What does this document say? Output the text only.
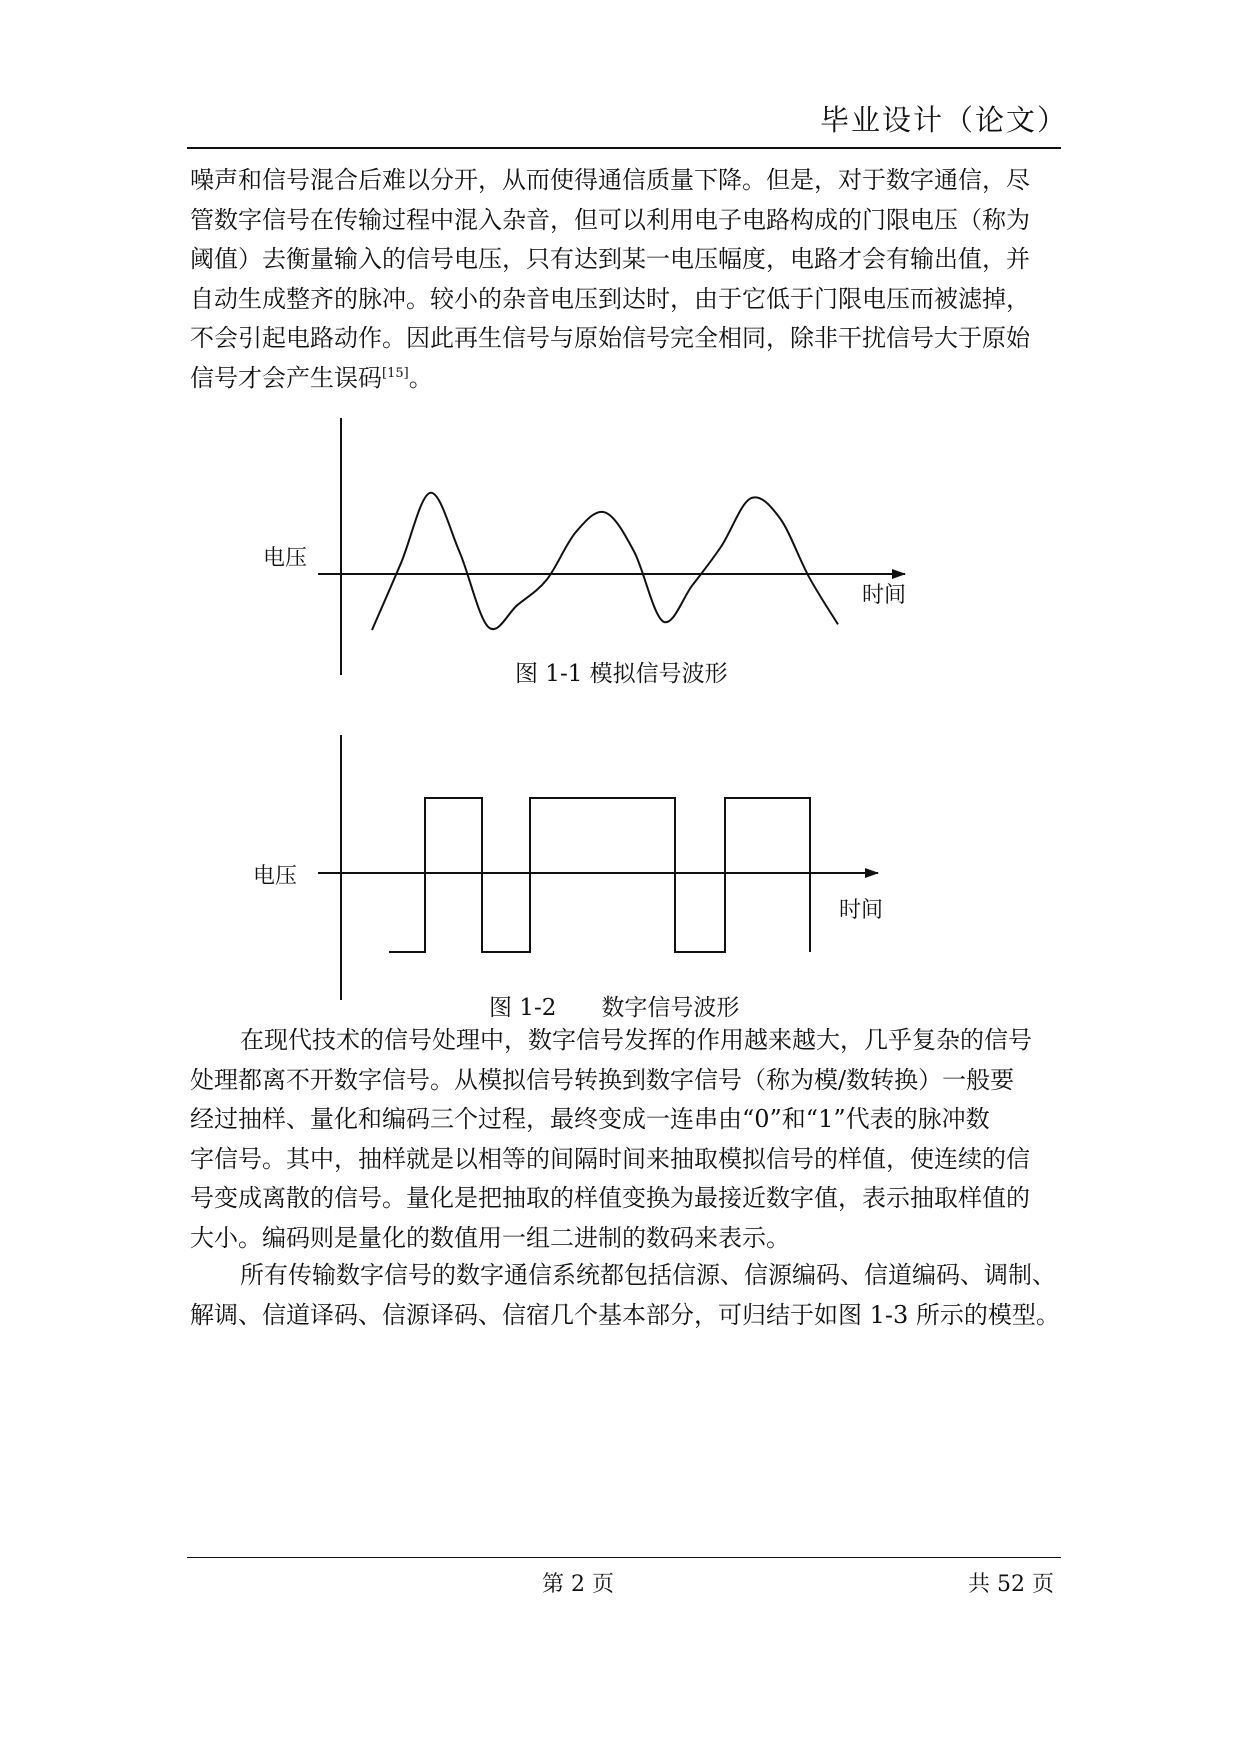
毕业设计（论文）
噪声和信号混合后难以分开，从而使得通信质量下降。但是，对于数字通信，尽
管数字信号在传输过程中混入杂音，但可以利用电子电路构成的门限电压（称为
阈值）去衡量输入的信号电压，只有达到某一电压幅度，电路才会有输出值，并
自动生成整齐的脉冲。较小的杂音电压到达时，由于它低于门限电压而被滤掉，
不会引起电路动作。因此再生信号与原始信号完全相同，除非干扰信号大于原始
信号才会产生误码[15]。
电压
时间
电压
时间
图 1-1 模拟信号波形
图 1-2 数字信号波形
在现代技术的信号处理中，数字信号发挥的作用越来越大，几乎复杂的信号
处理都离不开数字信号。从模拟信号转换到数字信号（称为模/数转换）一般要
经过抽样、量化和编码三个过程，最终变成一连串由“0”和“1”代表的脉冲数
字信号。其中，抽样就是以相等的间隔时间来抽取模拟信号的样值，使连续的信
号变成离散的信号。量化是把抽取的样值变换为最接近数字值，表示抽取样值的
大小。编码则是量化的数值用一组二进制的数码来表示。
所有传输数字信号的数字通信系统都包括信源、信源编码、信道编码、调制、
解调、信道译码、信源译码、信宿几个基本部分，可归结于如图 1-3 所示的模型。
第 2 页	共 52 页
